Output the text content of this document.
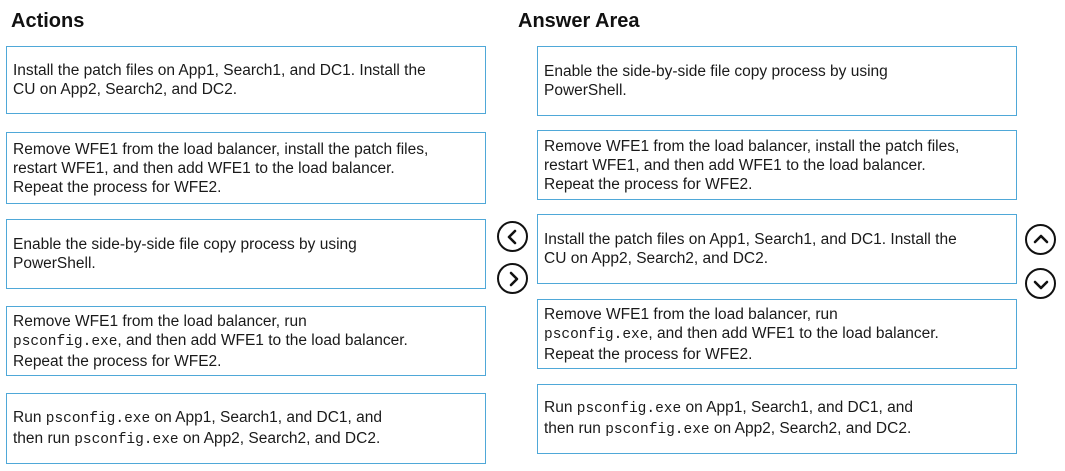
Actions	Answer Area
Install the patch files on App1, Search1, and DC1. Install the
CU on App2, Search2, and DC2.
Remove WFE1 from the load balancer, install the patch files,
restart WFE1, and then add WFE1 to the load balancer.
Repeat the process for WFE2.
Enable the side-by-side file copy process by using
PowerShell.
Remove WFE1 from the load balancer, run
psconfig.exe, and then add WFE1 to the load balancer.
Repeat the process for WFE2.
Run psconfig.exe on App1, Search1, and DC1, and
then run psconfig.exe on App2, Search2, and DC2.
Enable the side-by-side file copy process by using
PowerShell.
Remove WFE1 from the load balancer, install the patch files,
restart WFE1, and then add WFE1 to the load balancer.
Repeat the process for WFE2.
Install the patch files on App1, Search1, and DC1. Install the
CU on App2, Search2, and DC2.
Remove WFE1 from the load balancer, run
psconfig.exe, and then add WFE1 to the load balancer.
Repeat the process for WFE2.
Run psconfig.exe on App1, Search1, and DC1, and
then run psconfig.exe on App2, Search2, and DC2.
